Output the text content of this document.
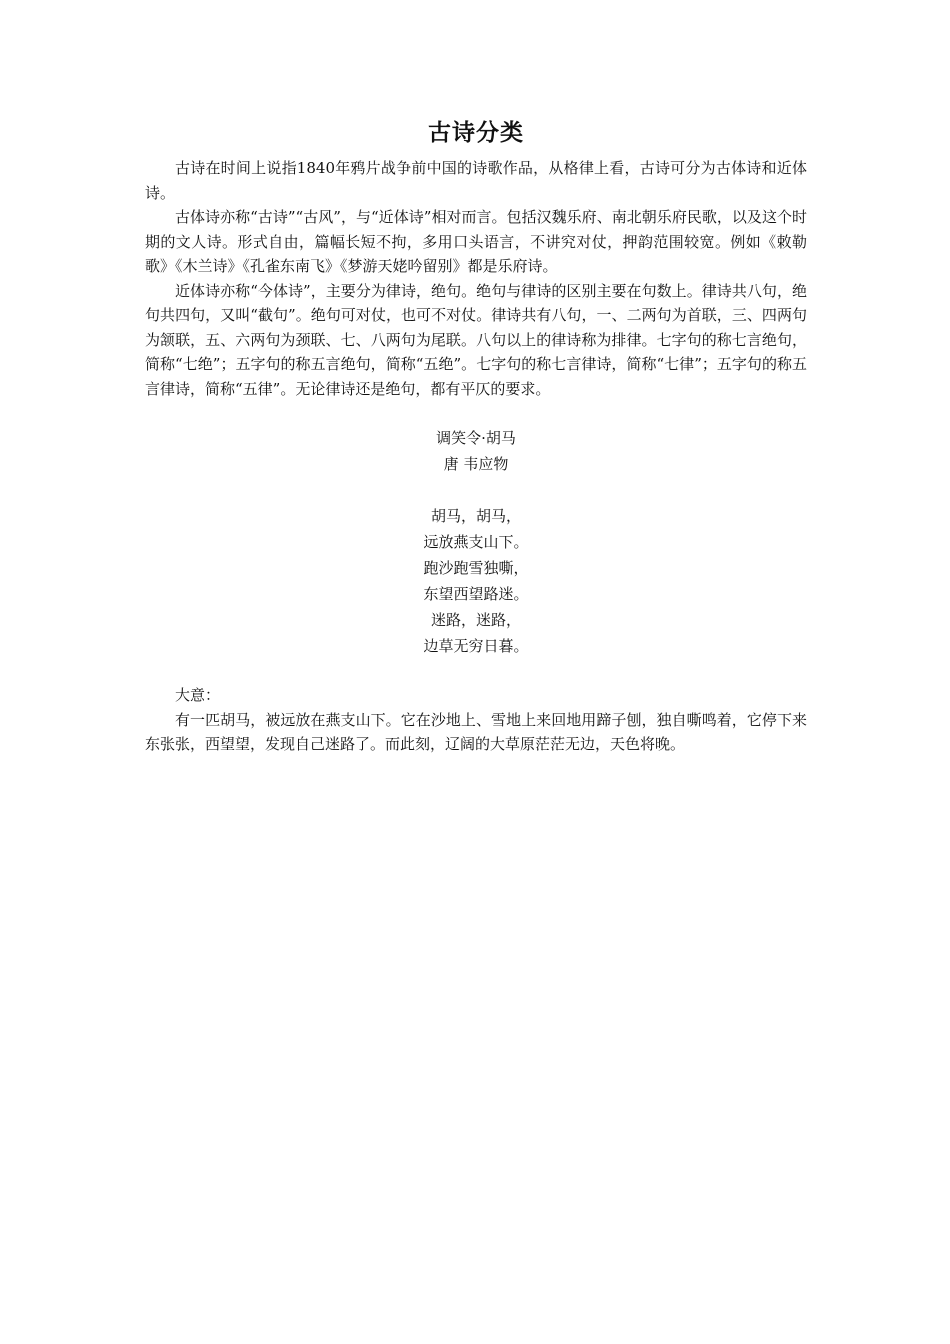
古诗分类

古诗在时间上说指1840年鸦片战争前中国的诗歌作品，从格律上看，古诗可分为古体诗和近体诗。

古体诗亦称“古诗”“古风”，与“近体诗”相对而言。包括汉魏乐府、南北朝乐府民歌，以及这个时期的文人诗。形式自由，篇幅长短不拘，多用口头语言，不讲究对仗，押韵范围较宽。例如《敕勒歌》《木兰诗》《孔雀东南飞》《梦游天姥吟留别》都是乐府诗。

近体诗亦称“今体诗”，主要分为律诗，绝句。绝句与律诗的区别主要在句数上。律诗共八句，绝句共四句，又叫“截句”。绝句可对仗，也可不对仗。律诗共有八句，一、二两句为首联，三、四两句为颔联，五、六两句为颈联、七、八两句为尾联。八句以上的律诗称为排律。七字句的称七言绝句，简称“七绝”；五字句的称五言绝句，简称“五绝”。七字句的称七言律诗，简称“七律”；五字句的称五言律诗，简称“五律”。无论律诗还是绝句，都有平仄的要求。

调笑令·胡马

唐 韦应物

胡马，胡马，

远放燕支山下。

跑沙跑雪独嘶，

东望西望路迷。

迷路，迷路，

边草无穷日暮。

大意：

有一匹胡马，被远放在燕支山下。它在沙地上、雪地上来回地用蹄子刨，独自嘶鸣着，它停下来东张张，西望望，发现自己迷路了。而此刻，辽阔的大草原茫茫无边，天色将晚。
